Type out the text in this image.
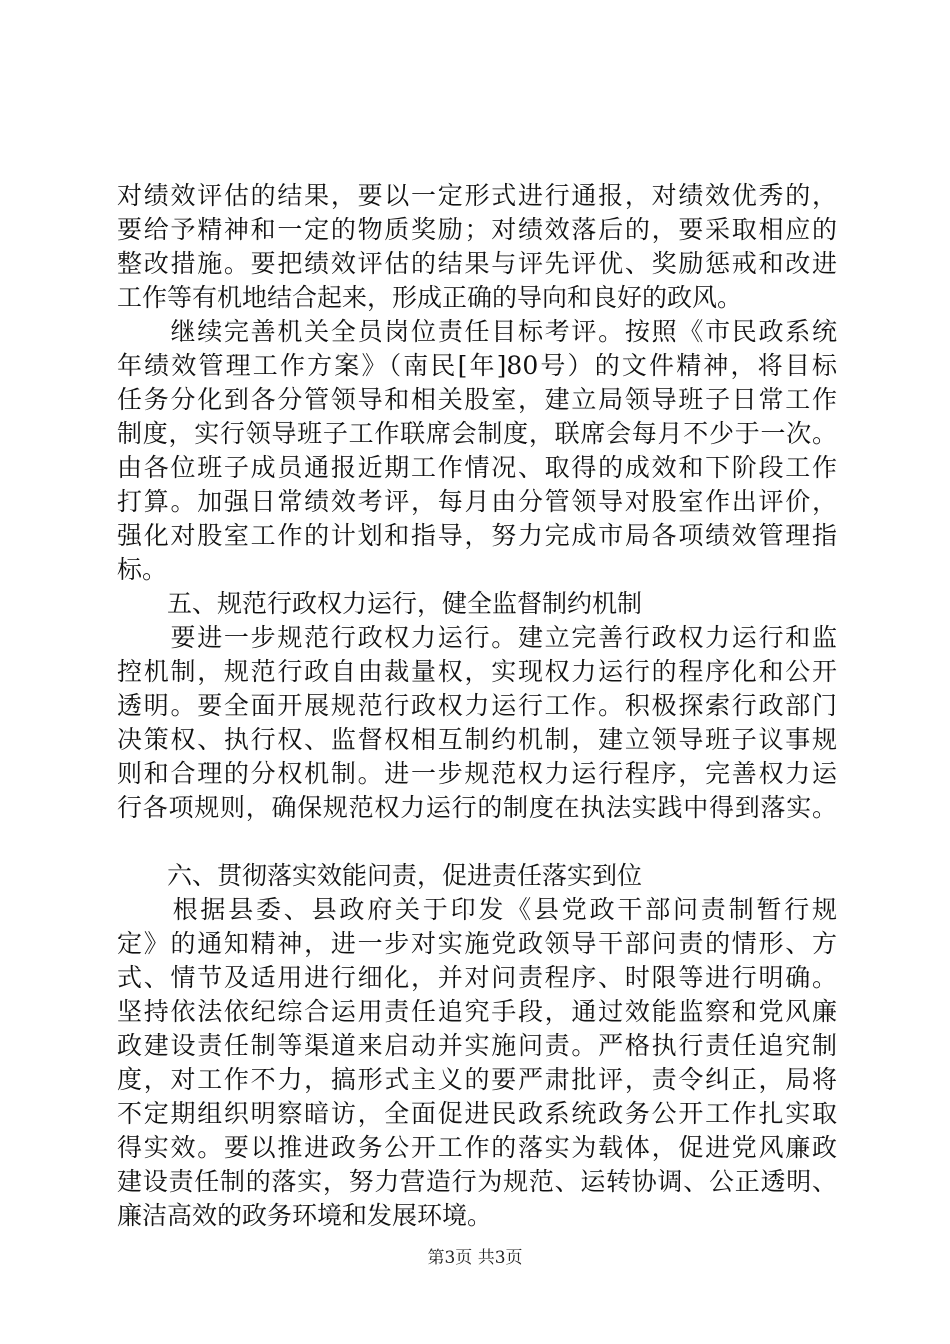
对绩效评估的结果，要以一定形式进行通报，对绩效优秀的，
要给予精神和一定的物质奖励；对绩效落后的，要采取相应的
整改措施。要把绩效评估的结果与评先评优、奖励惩戒和改进
工作等有机地结合起来，形成正确的导向和良好的政风。
　　继续完善机关全员岗位责任目标考评。按照《市民政系统
年绩效管理工作方案》（南民[年]80号）的文件精神，将目标
任务分化到各分管领导和相关股室，建立局领导班子日常工作
制度，实行领导班子工作联席会制度，联席会每月不少于一次。
由各位班子成员通报近期工作情况、取得的成效和下阶段工作
打算。加强日常绩效考评，每月由分管领导对股室作出评价，
强化对股室工作的计划和指导，努力完成市局各项绩效管理指
标。
　　五、规范行政权力运行，健全监督制约机制
　　要进一步规范行政权力运行。建立完善行政权力运行和监
控机制，规范行政自由裁量权，实现权力运行的程序化和公开
透明。要全面开展规范行政权力运行工作。积极探索行政部门
决策权、执行权、监督权相互制约机制，建立领导班子议事规
则和合理的分权机制。进一步规范权力运行程序，完善权力运
行各项规则，确保规范权力运行的制度在执法实践中得到落实。
　　六、贯彻落实效能问责，促进责任落实到位
　　根据县委、县政府关于印发《县党政干部问责制暂行规
定》的通知精神，进一步对实施党政领导干部问责的情形、方
式、情节及适用进行细化，并对问责程序、时限等进行明确。
坚持依法依纪综合运用责任追究手段，通过效能监察和党风廉
政建设责任制等渠道来启动并实施问责。严格执行责任追究制
度，对工作不力，搞形式主义的要严肃批评，责令纠正，局将
不定期组织明察暗访，全面促进民政系统政务公开工作扎实取
得实效。要以推进政务公开工作的落实为载体，促进党风廉政
建设责任制的落实，努力营造行为规范、运转协调、公正透明、
廉洁高效的政务环境和发展环境。
第3页 共3页
